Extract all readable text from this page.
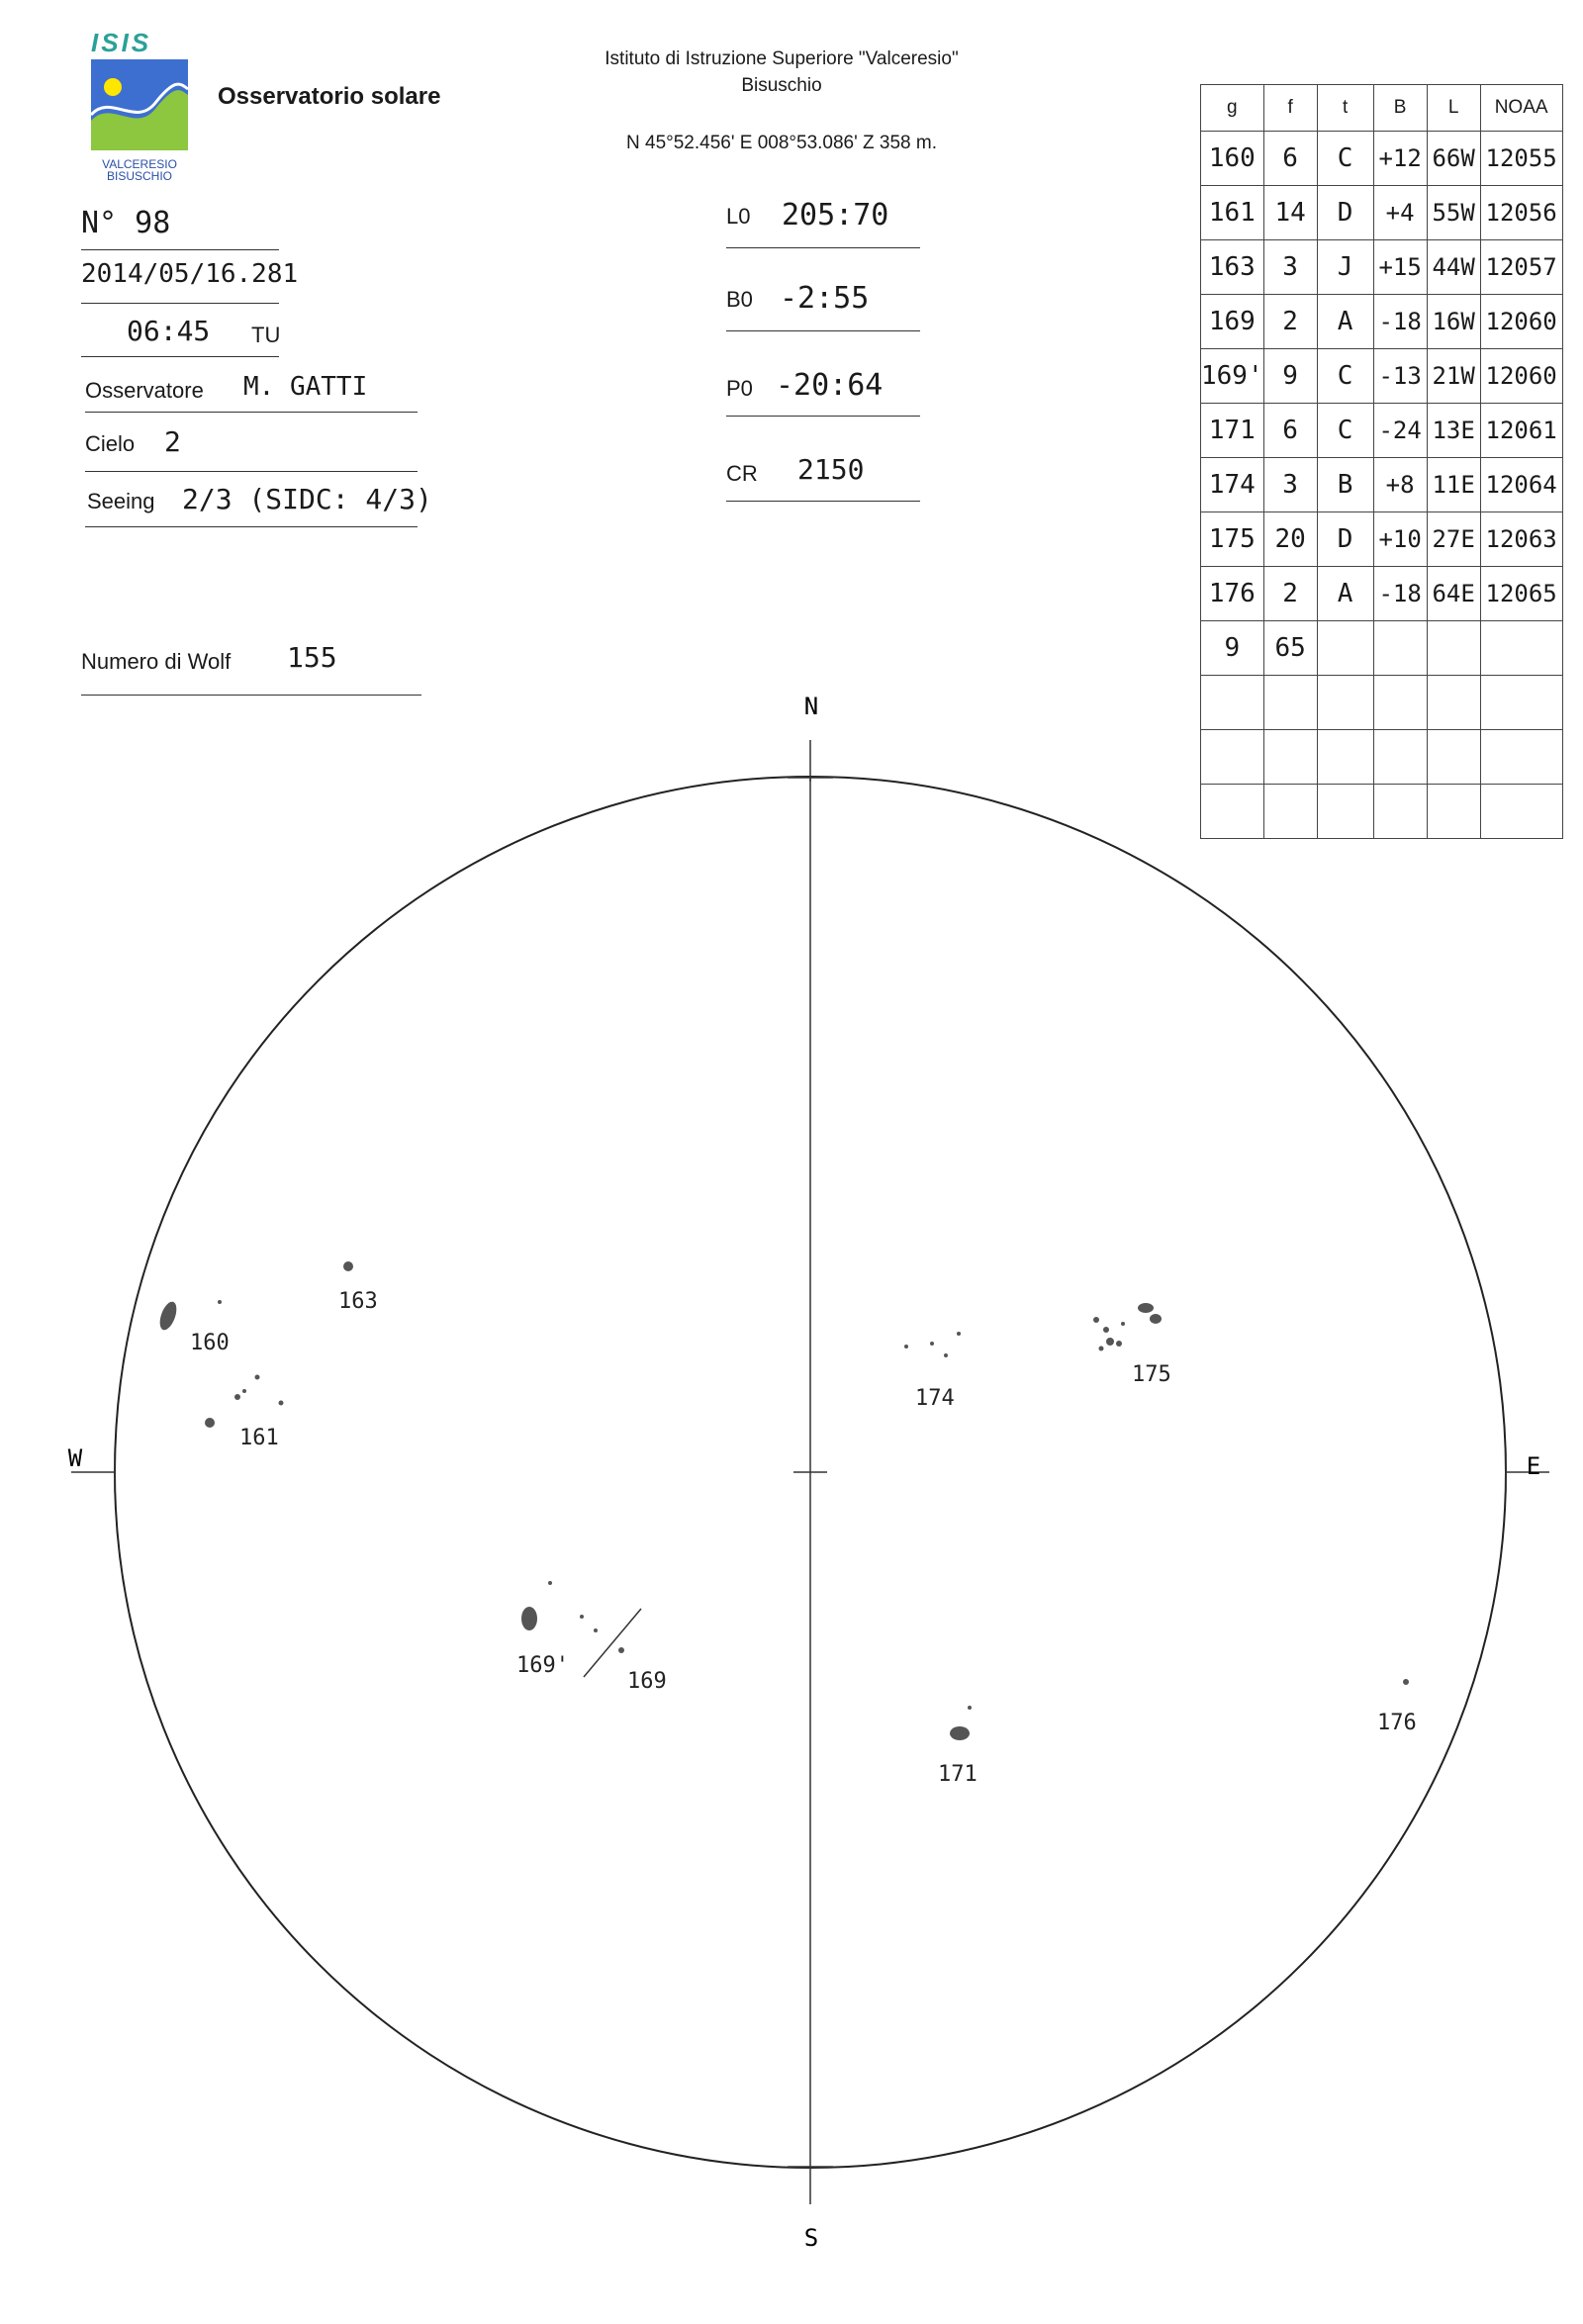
ISIS
VALCERESIO
BISUSCHIO
Osservatorio solare
Istituto di Istruzione Superiore "Valceresio"
Bisuschio
N 45°52.456' E 008°53.086' Z 358 m.
N° 98
2014/05/16.281
06:45 TU
Osservatore M. GATTI
Cielo 2
Seeing 2/3 (SIDC: 4/3)
Numero di Wolf 155
L0 205:70
B0 -2:55
P0 -20:64
CR 2150
g	f	t	B	L	NOAA
160	6	C	+12	66W	12055
161	14	D	+4	55W	12056
163	3	J	+15	44W	12057
169	2	A	-18	16W	12060
169'	9	C	-13	21W	12060
171	6	C	-24	13E	12061
174	3	B	+8	11E	12064
175	20	D	+10	27E	12063
176	2	A	-18	64E	12065
9	65				

N
S
W	E
160
161
163
169'
169
171
174
175
176
